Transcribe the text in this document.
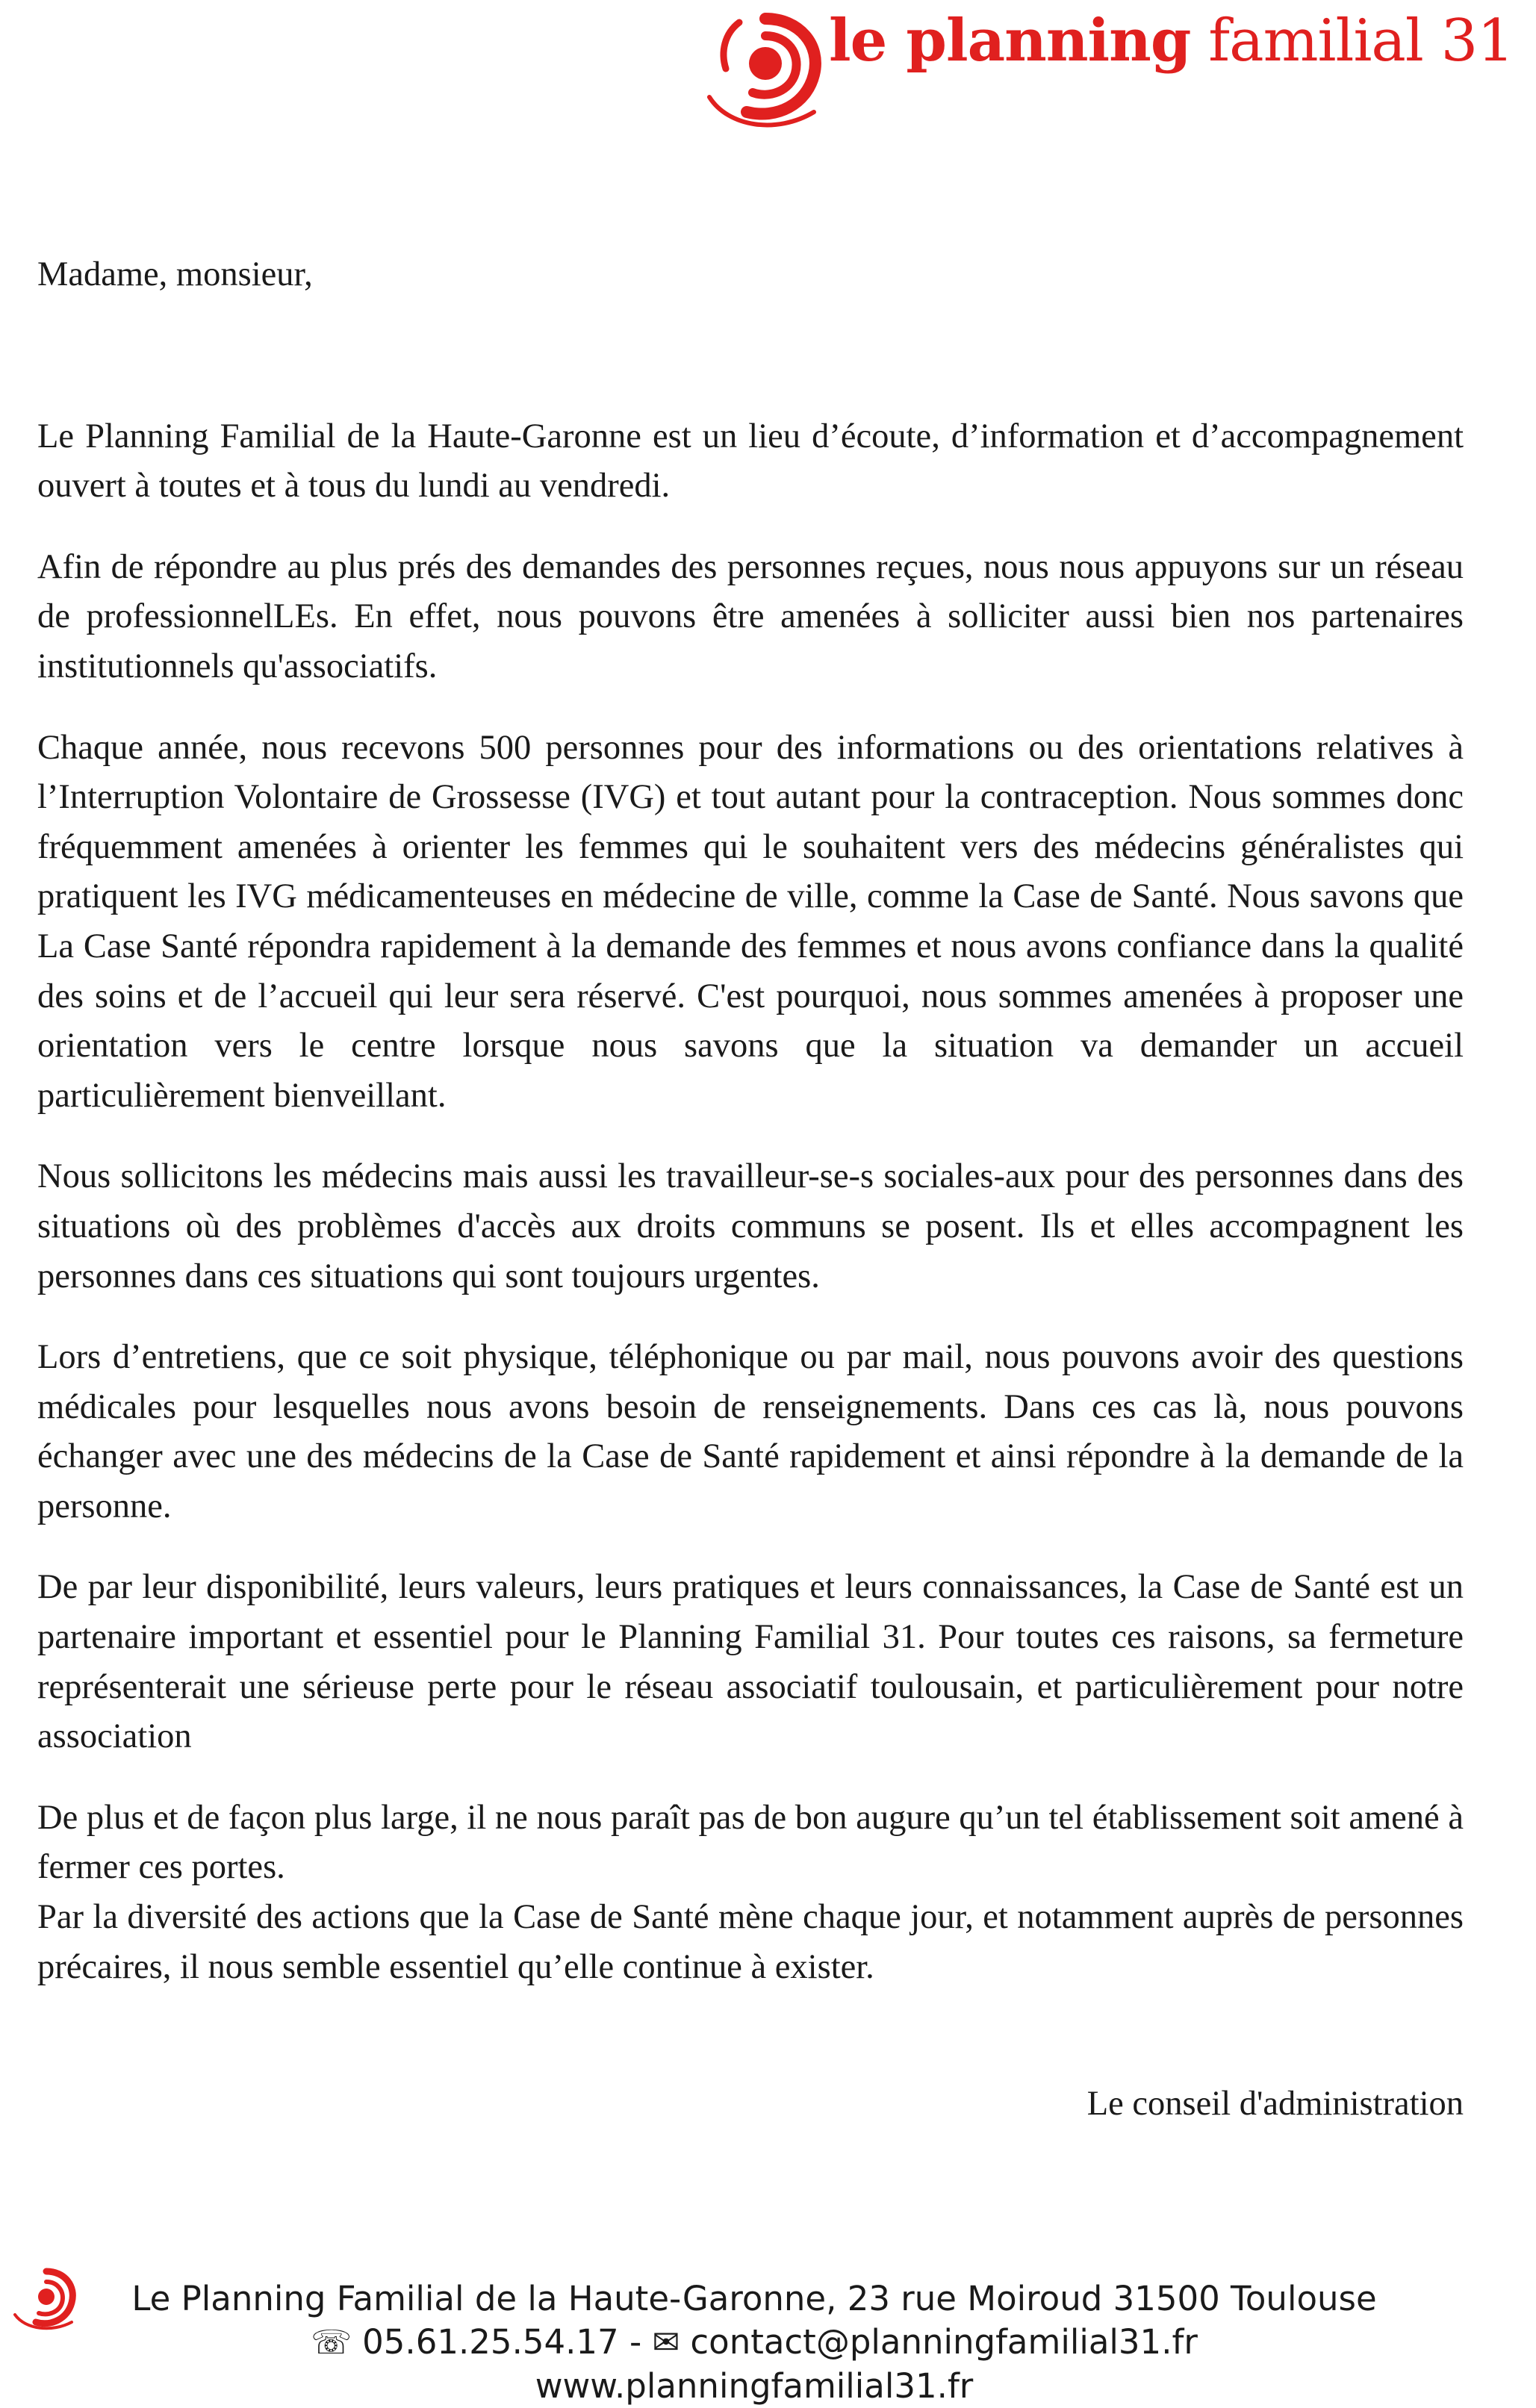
le planning familial 31

Madame, monsieur,

Le Planning Familial de la Haute-Garonne est un lieu d’écoute, d’information et d’accompagnement ouvert à toutes et à tous du lundi au vendredi.

Afin de répondre au plus prés des demandes des personnes reçues, nous nous appuyons sur un réseau de professionnelLEs. En effet, nous pouvons être amenées à solliciter aussi bien nos partenaires institutionnels qu'associatifs.

Chaque année, nous recevons 500 personnes pour des informations ou des orientations relatives à l’Interruption Volontaire de Grossesse (IVG) et tout autant pour la contraception. Nous sommes donc fréquemment amenées à orienter les femmes qui le souhaitent vers des médecins généralistes qui pratiquent les IVG médicamenteuses en médecine de ville, comme la Case de Santé. Nous savons que La Case Santé répondra rapidement à la demande des femmes et nous avons confiance dans la qualité des soins et de l’accueil qui leur sera réservé. C'est pourquoi, nous sommes amenées à proposer une orientation vers le centre lorsque nous savons que la situation va demander un accueil particulièrement bienveillant.

Nous sollicitons les médecins mais aussi les travailleur-se-s sociales-aux pour des personnes dans des situations où des problèmes d'accès aux droits communs se posent. Ils et elles accompagnent les personnes dans ces situations qui sont toujours urgentes.

Lors d’entretiens, que ce soit physique, téléphonique ou par mail, nous pouvons avoir des questions médicales pour lesquelles nous avons besoin de renseignements. Dans ces cas là, nous pouvons échanger avec une des médecins de la Case de Santé rapidement et ainsi répondre à la demande de la personne.

De par leur disponibilité, leurs valeurs, leurs pratiques et leurs connaissances, la Case de Santé est un partenaire important et essentiel pour le Planning Familial 31. Pour toutes ces raisons, sa fermeture représenterait une sérieuse perte pour le réseau associatif toulousain, et particulièrement pour notre association

De plus et de façon plus large, il ne nous paraît pas de bon augure qu’un tel établissement soit amené à fermer ces portes.

Par la diversité des actions que la Case de Santé mène chaque jour, et notamment auprès de personnes précaires, il nous semble essentiel qu’elle continue à exister.

Le conseil d'administration
Le Planning Familial de la Haute-Garonne, 23 rue Moiroud 31500 Toulouse
☏ 05.61.25.54.17 - ✉ contact@planningfamilial31.fr
www.planningfamilial31.fr
